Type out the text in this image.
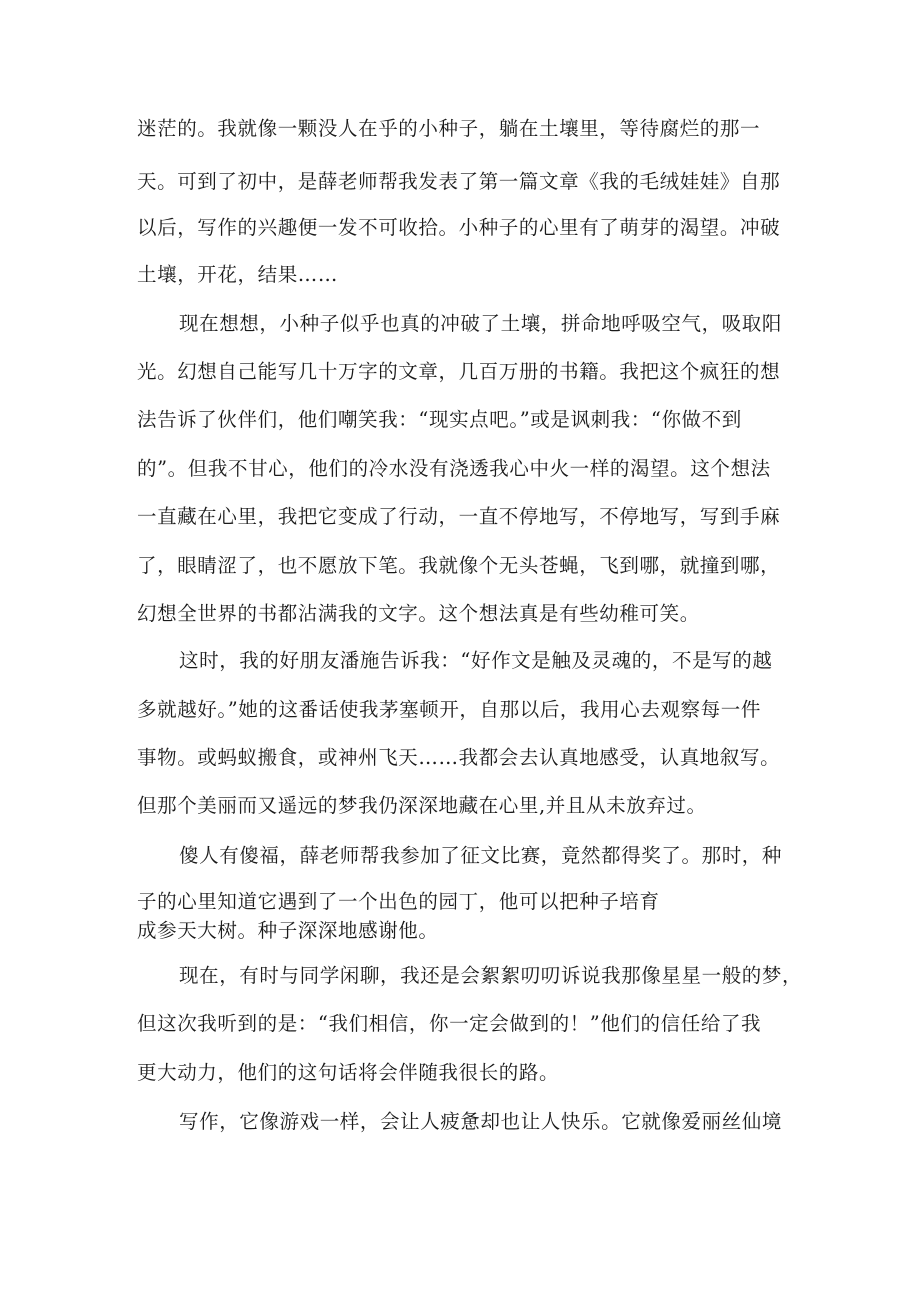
迷茫的。我就像一颗没人在乎的小种子，躺在土壤里，等待腐烂的那一
天。可到了初中，是薛老师帮我发表了第一篇文章《我的毛绒娃娃》自那
以后，写作的兴趣便一发不可收拾。小种子的心里有了萌芽的渴望。冲破
土壤，开花，结果……
现在想想，小种子似乎也真的冲破了土壤，拼命地呼吸空气，吸取阳
光。幻想自己能写几十万字的文章，几百万册的书籍。我把这个疯狂的想
法告诉了伙伴们，他们嘲笑我：“现实点吧。”或是讽刺我：“你做不到
的”。但我不甘心，他们的冷水没有浇透我心中火一样的渴望。这个想法
一直藏在心里，我把它变成了行动，一直不停地写，不停地写，写到手麻
了，眼睛涩了，也不愿放下笔。我就像个无头苍蝇，飞到哪，就撞到哪，
幻想全世界的书都沾满我的文字。这个想法真是有些幼稚可笑。
这时，我的好朋友潘施告诉我：“好作文是触及灵魂的，不是写的越
多就越好。”她的这番话使我茅塞顿开，自那以后，我用心去观察每一件
事物。或蚂蚁搬食，或神州飞天……我都会去认真地感受，认真地叙写。
但那个美丽而又遥远的梦我仍深深地藏在心里,并且从未放弃过。
傻人有傻福，薛老师帮我参加了征文比赛，竟然都得奖了。那时，种
子的心里知道它遇到了一个出色的园丁，他可以把种子培育
成参天大树。种子深深地感谢他。
现在，有时与同学闲聊，我还是会絮絮叨叨诉说我那像星星一般的梦，
但这次我听到的是：“我们相信，你一定会做到的！”他们的信任给了我
更大动力，他们的这句话将会伴随我很长的路。
写作，它像游戏一样，会让人疲惫却也让人快乐。它就像爱丽丝仙境
